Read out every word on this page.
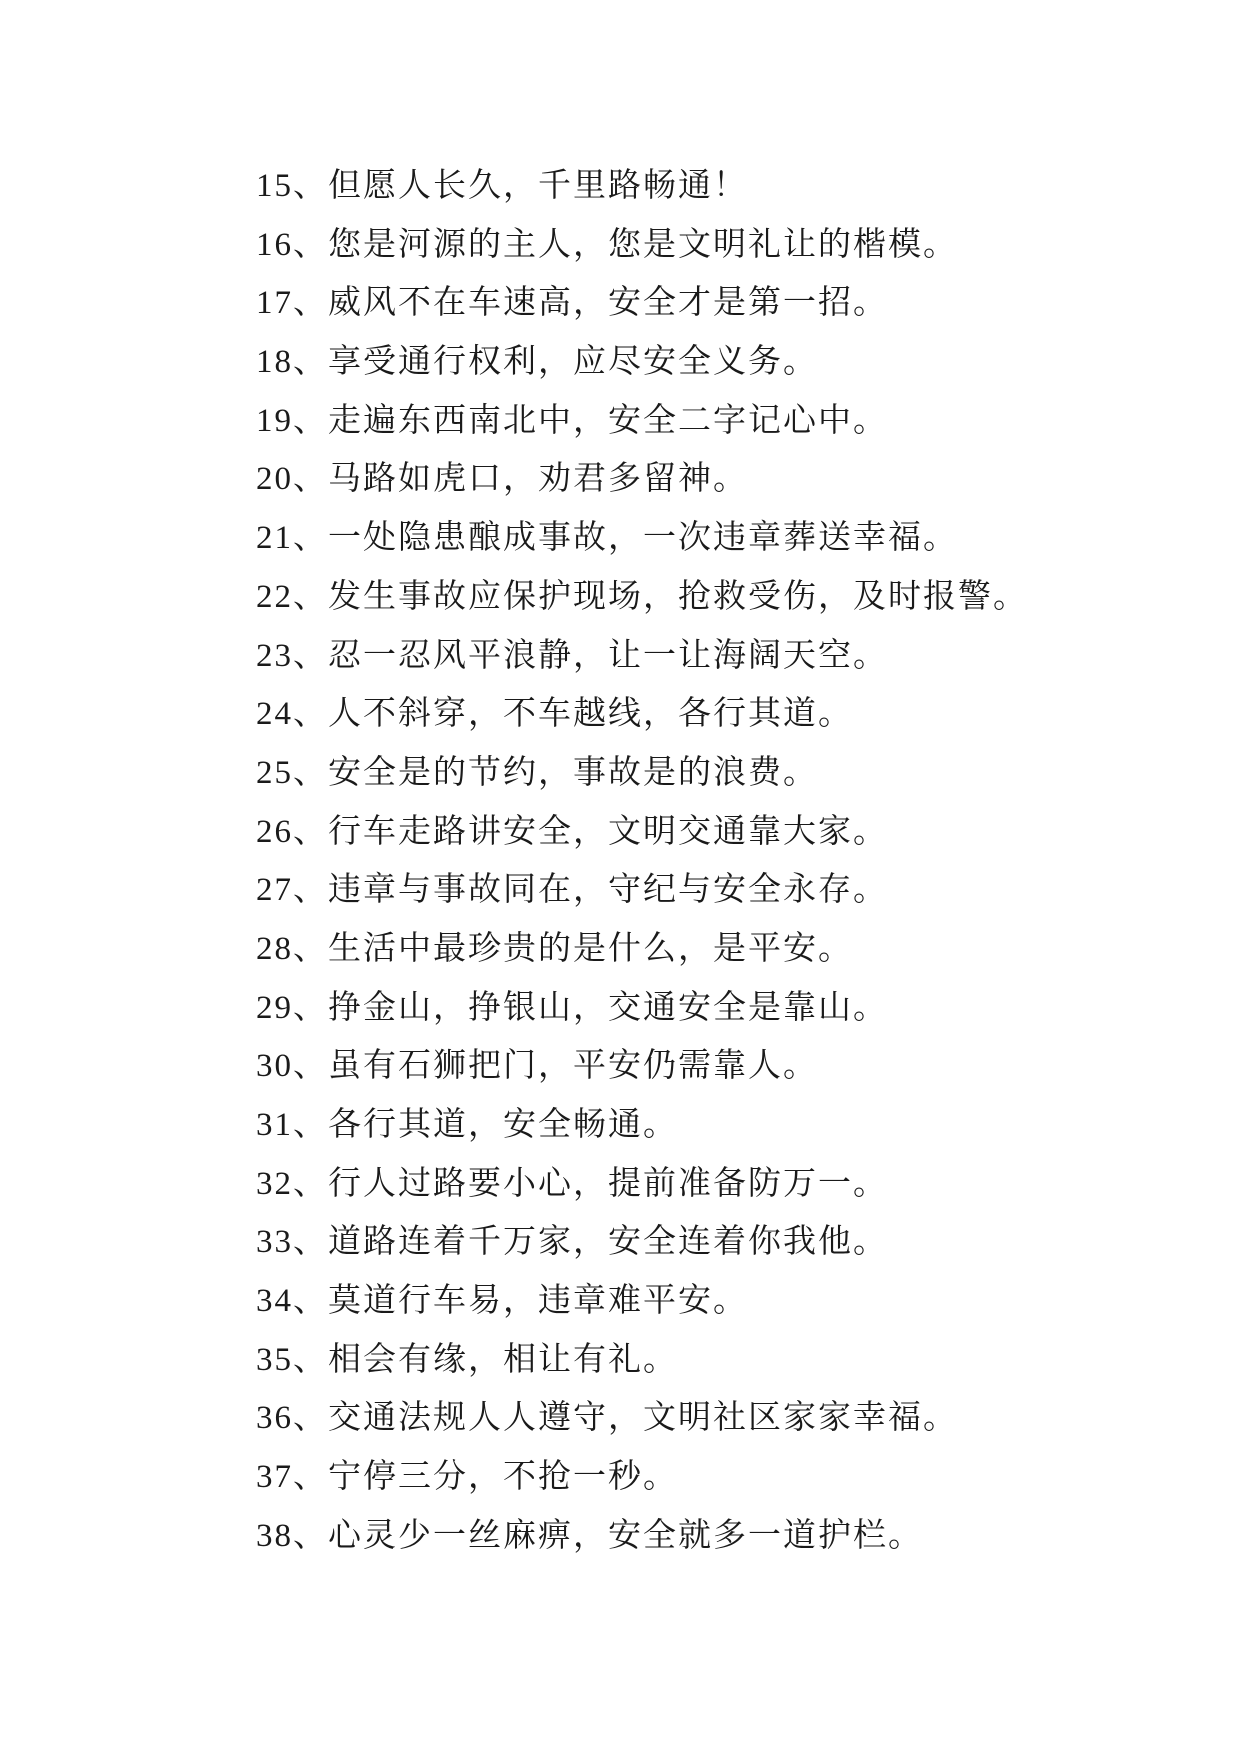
15、但愿人长久，千里路畅通！

16、您是河源的主人，您是文明礼让的楷模。

17、威风不在车速高，安全才是第一招。

18、享受通行权利，应尽安全义务。

19、走遍东西南北中，安全二字记心中。

20、马路如虎口，劝君多留神。

21、一处隐患酿成事故，一次违章葬送幸福。

22、发生事故应保护现场，抢救受伤，及时报警。

23、忍一忍风平浪静，让一让海阔天空。

24、人不斜穿，不车越线，各行其道。

25、安全是的节约，事故是的浪费。

26、行车走路讲安全，文明交通靠大家。

27、违章与事故同在，守纪与安全永存。

28、生活中最珍贵的是什么，是平安。

29、挣金山，挣银山，交通安全是靠山。

30、虽有石狮把门，平安仍需靠人。

31、各行其道，安全畅通。

32、行人过路要小心，提前准备防万一。

33、道路连着千万家，安全连着你我他。

34、莫道行车易，违章难平安。

35、相会有缘，相让有礼。

36、交通法规人人遵守，文明社区家家幸福。

37、宁停三分，不抢一秒。

38、心灵少一丝麻痹，安全就多一道护栏。
